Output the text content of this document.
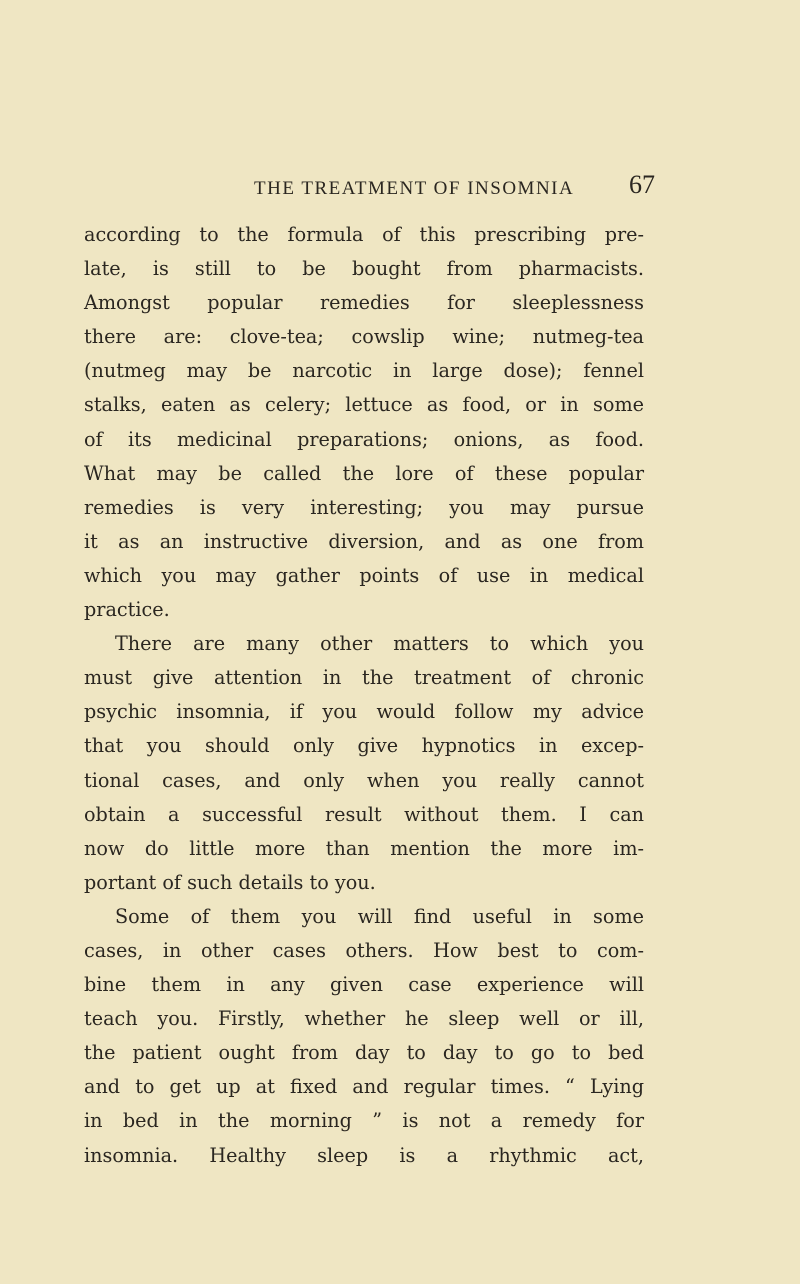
THE TREATMENT OF INSOMNIA 67
according to the formula of this prescribing pre-
late, is still to be bought from pharmacists.
Amongst popular remedies for sleeplessness
there are: clove-tea; cowslip wine; nutmeg-tea
(nutmeg may be narcotic in large dose); fennel
stalks, eaten as celery; lettuce as food, or in some
of its medicinal preparations; onions, as food.
What may be called the lore of these popular
remedies is very interesting; you may pursue
it as an instructive diversion, and as one from
which you may gather points of use in medical
practice.
There are many other matters to which you
must give attention in the treatment of chronic
psychic insomnia, if you would follow my advice
that you should only give hypnotics in excep-
tional cases, and only when you really cannot
obtain a successful result without them. I can
now do little more than mention the more im-
portant of such details to you.
Some of them you will find useful in some
cases, in other cases others. How best to com-
bine them in any given case experience will
teach you. Firstly, whether he sleep well or ill,
the patient ought from day to day to go to bed
and to get up at fixed and regular times. “ Lying
in bed in the morning ” is not a remedy for
insomnia. Healthy sleep is a rhythmic act,
